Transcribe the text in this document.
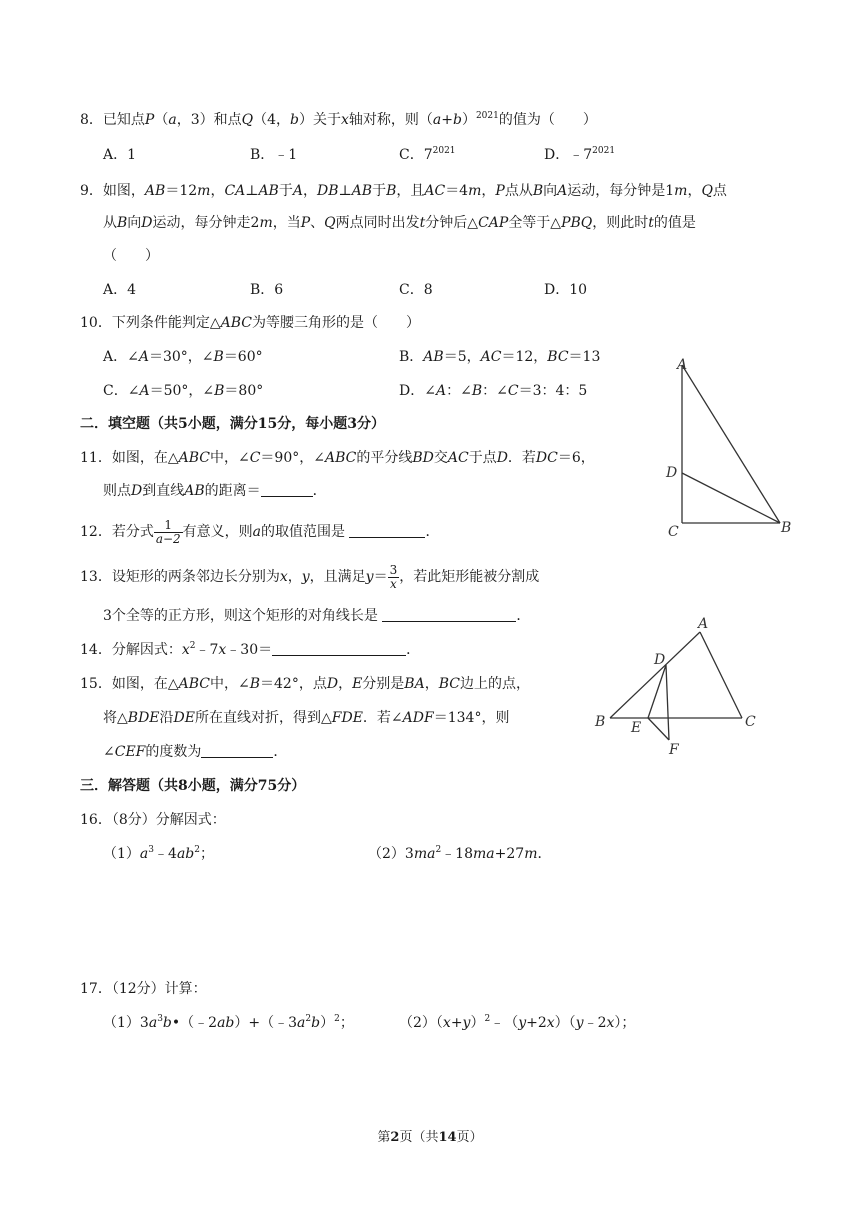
8．已知点P（a，3）和点Q（4，b）关于x轴对称，则$(a+b)^{2021}$的值为（　　）
A．1	B．﹣1	C．$7^{2021}$	D．$﹣7^{2021}$
9．如图，AB＝12m，CA⊥AB于A，DB⊥AB于B，且AC＝4m，P点从B向A运动，每分钟是1m，Q点
从B向D运动，每分钟走2m，当P、Q两点同时出发t分钟后△CAP全等于△PBQ，则此时t的值是
（　　）
A．4	B．6	C．8	D．10
10．下列条件能判定△ABC为等腰三角形的是（　　）
A．∠A＝30°，∠B＝60°	B．AB＝5，AC＝12，BC＝13
C．∠A＝50°，∠B＝80°	D．∠A：∠B：∠C＝3：4：5
二．填空题（共5小题，满分15分，每小题3分）
11．如图，在△ABC中，∠C＝90°，∠ABC的平分线BD交AC于点D．若DC＝6，
则点D到直线AB的距离＝	．
12．若分式 $\frac{1}{a-2}$ 有意义，则a的取值范围是	．
13．设矩形的两条邻边长分别为x，y，且满足$y= \frac{3}{x}$ ，若此矩形能被分割成
3个全等的正方形，则这个矩形的对角线长是	．
14．分解因式：$x^2﹣7x﹣30=$	．
15．如图，在△ABC中，∠B＝42°，点D，E分别是BA，BC边上的点，
将△BDE沿DE所在直线对折，得到△FDE．若∠ADF＝134°，则
∠CEF的度数为	．
三．解答题（共8小题，满分75分）
16．（8分）分解因式：
$(1)a^3﹣4ab^2$；	$(2)3ma^2﹣18ma+27m$．
17．（12分）计算：
$(1)3a^3b•(﹣2ab)+(﹣3a^2b)^2$；	$(2)(x+y)^2﹣(y+2x)(y﹣2x)$；
A
D
C	B
A
D
B E	C
F
第2页（共14页）
